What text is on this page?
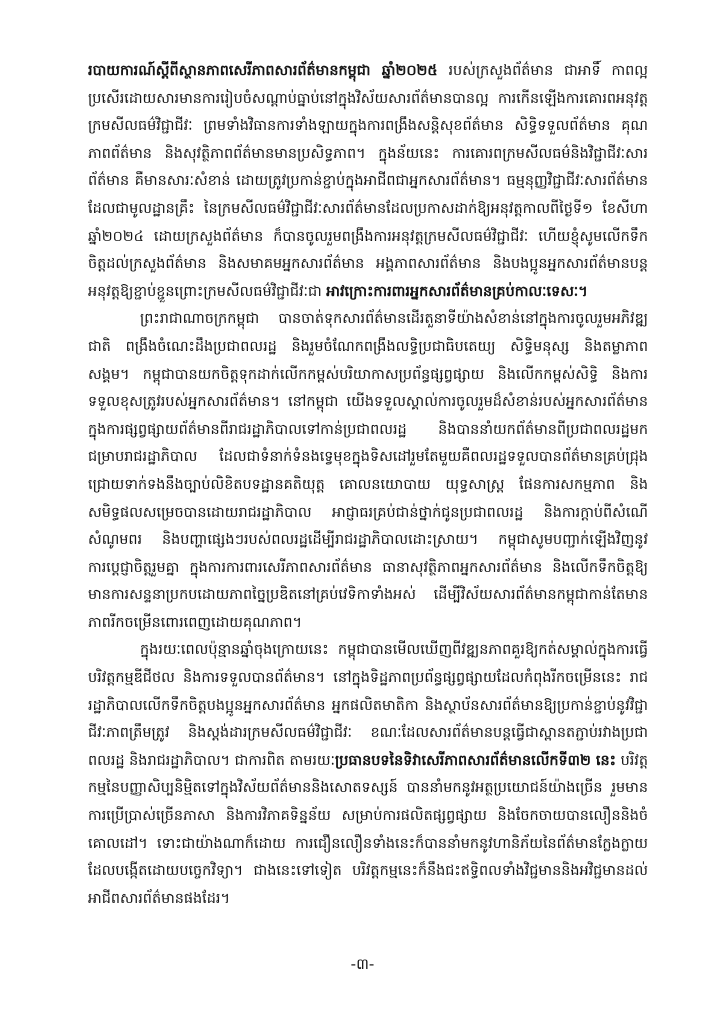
របាយការណ៍ស្តីពីស្ថានភាពសេរីភាពសារព័ត៌មានកម្ពុជា ឆ្នាំ២០២៥ របស់ក្រសួងព័ត៌មាន ជាអាទិ៍ កាពល្អប្រសើរដោយសារមានការរៀបចំសណ្តាប់ធ្នាប់នៅក្នុងវិស័យសារព័ត៌មានបានល្អ ការកើនឡើងការគោរពអនុវត្តក្រមសីលធម៌វិជ្ជាជីវៈ ព្រមទាំងវិធានការទាំងឡាយក្នុងការពង្រឹងសន្តិសុខព័ត៌មាន សិទ្ធិទទួលព័ត៌មាន គុណភាពព័ត៌មាន និងសុវត្ថិភាពព័ត៌មានមានប្រសិទ្ធភាព។ ក្នុងន័យនេះ ការគោរពក្រមសីលធម៌និងវិជ្ជាជីវៈសារព័ត៌មាន គឺមានសារៈសំខាន់ ដោយត្រូវប្រកាន់ខ្ជាប់ក្នុងអាជីពជាអ្នកសារព័ត៌មាន។ ធម្មនុញ្ញវិជ្ជាជីវៈសារព័ត៌មានដែលជាមូលដ្ឋានគ្រឹះ នៃក្រមសីលធម៌វិជ្ជាជីវៈសារព័ត៌មានដែលប្រកាសដាក់ឱ្យអនុវត្តកាលពីថ្ងៃទី១ ខែសីហា ឆ្នាំ២០២៤ ដោយក្រសួងព័ត៌មាន ក៏បានចូលរួមពង្រឹងការអនុវត្តក្រមសីលធម៌វិជ្ជាជីវៈ ហើយខ្ញុំសូមលើកទឹកចិត្តដល់ក្រសួងព័ត៌មាន និងសមាគមអ្នកសារព័ត៌មាន អង្គភាពសារព័ត៌មាន និងបងប្អូនអ្នកសារព័ត៌មានបន្តអនុវត្តឱ្យខ្ជាប់ខ្ជួនព្រោះក្រមសីលធម៌វិជ្ជាជីវៈជា អាវក្រោះការពារអ្នកសារព័ត៌មានគ្រប់កាលៈទេសៈ។

ព្រះរាជាណាចក្រកម្ពុជា បានចាត់ទុកសារព័ត៌មានដើរតួនាទីយ៉ាងសំខាន់នៅក្នុងការចូលរួមអភិវឌ្ឍជាតិ ពង្រឹងចំណេះដឹងប្រជាពលរដ្ឋ និងរួមចំណែកពង្រឹងលទ្ធិប្រជាធិបតេយ្យ សិទ្ធិមនុស្ស និងតម្លាភាពសង្គម។ កម្ពុជាបានយកចិត្តទុកដាក់លើកកម្ពស់បរិយាកាសប្រព័ន្ធផ្សព្វផ្សាយ និងលើកកម្ពស់សិទ្ធិ និងការទទួលខុសត្រូវរបស់អ្នកសារព័ត៌មាន។ នៅកម្ពុជា យើងទទួលស្គាល់ការចូលរួមដ៏សំខាន់របស់អ្នកសារព័ត៌មាន ក្នុងការផ្សព្វផ្សាយព័ត៌មានពីរាជរដ្ឋាភិបាលទៅកាន់ប្រជាពលរដ្ឋ និងបាននាំយកព័ត៌មានពីប្រជាពលរដ្ឋមកជម្រាបរាជរដ្ឋាភិបាល ដែលជាទំនាក់ទំនងទ្វេមុខក្នុងទិសដៅរួមតែមួយគឺពលរដ្ឋទទួលបានព័ត៌មានគ្រប់ជ្រុងជ្រោយទាក់ទងនឹងច្បាប់លិខិតបទដ្ឋានគតិយុត្ត គោលនយោបាយ យុទ្ធសាស្ត្រ ផែនការសកម្មភាព និងសមិទ្ធផលសម្រេចបានដោយរាជរដ្ឋាភិបាល អាជ្ញាធរគ្រប់ជាន់ថ្នាក់ជូនប្រជាពលរដ្ឋ និងការក្តាប់ពីសំណើសំណូមពរ និងបញ្ហាផ្សេងៗរបស់ពលរដ្ឋដើម្បីរាជរដ្ឋាភិបាលដោះស្រាយ។ កម្ពុជាសូមបញ្ជាក់ឡើងវិញនូវការប្តេជ្ញាចិត្តរួមគ្នា ក្នុងការការពារសេរីភាពសារព័ត៌មាន ធានាសុវត្ថិភាពអ្នកសារព័ត៌មាន និងលើកទឹកចិត្តឱ្យមានការសន្ទនាប្រកបដោយភាពច្នៃប្រឌិតនៅគ្រប់វេទិកាទាំងអស់ ដើម្បីវិស័យសារព័ត៌មានកម្ពុជាកាន់តែមានភាពរីកចម្រើនពោរពេញដោយគុណភាព។

ក្នុងរយៈពេលប៉ុន្មានឆ្នាំចុងក្រោយនេះ កម្ពុជាបានមើលឃើញពីវឌ្ឍនភាពគួរឱ្យកត់សម្គាល់ក្នុងការធ្វើបរិវត្តកម្មឌីជីថល និងការទទួលបានព័ត៌មាន។ នៅក្នុងទិដ្ឋភាពប្រព័ន្ធផ្សព្វផ្សាយដែលកំពុងរីកចម្រើននេះ រាជរដ្ឋាភិបាលលើកទឹកចិត្តបងប្អូនអ្នកសារព័ត៌មាន អ្នកផលិតមាតិកា និងស្ថាប័នសារព័ត៌មានឱ្យប្រកាន់ខ្ជាប់នូវវិជ្ជាជីវៈភាពត្រឹមត្រូវ និងស្តង់ដារក្រមសីលធម៌វិជ្ជាជីវៈ ខណៈដែលសារព័ត៌មានបន្តធ្វើជាស្ពានតភ្ជាប់រវាងប្រជាពលរដ្ឋ និងរាជរដ្ឋាភិបាល។ ជាការពិត តាមរយៈប្រធានបទនៃទិវាសេរីភាពសារព័ត៌មានលើកទី៣២ នេះ បរិវត្តកម្មនៃបញ្ញាសិប្បនិម្មិតទៅក្នុងវិស័យព័ត៌មាននិងសោតទស្សន៍ បាននាំមកនូវអត្ថប្រយោជន៍យ៉ាងច្រើន រួមមានការប្រើប្រាស់ច្រើនភាសា និងការវិភាគទិន្នន័យ សម្រាប់ការផលិតផ្សព្វផ្សាយ និងចែកចាយបានលឿននិងចំគោលដៅ។ ទោះជាយ៉ាងណាក៏ដោយ ការជឿនលឿនទាំងនេះក៏បាននាំមកនូវហានិភ័យនៃព័ត៌មានក្លែងក្លាយ ដែលបង្កើតដោយបច្ចេកវិទ្យា។ ជាងនេះទៅទៀត បរិវត្តកម្មនេះក៏នឹងជះឥទ្ធិពលទាំងវិជ្ជមាននិងអវិជ្ជមានដល់អាជីពសារព័ត៌មានផងដែរ។

-៣-
